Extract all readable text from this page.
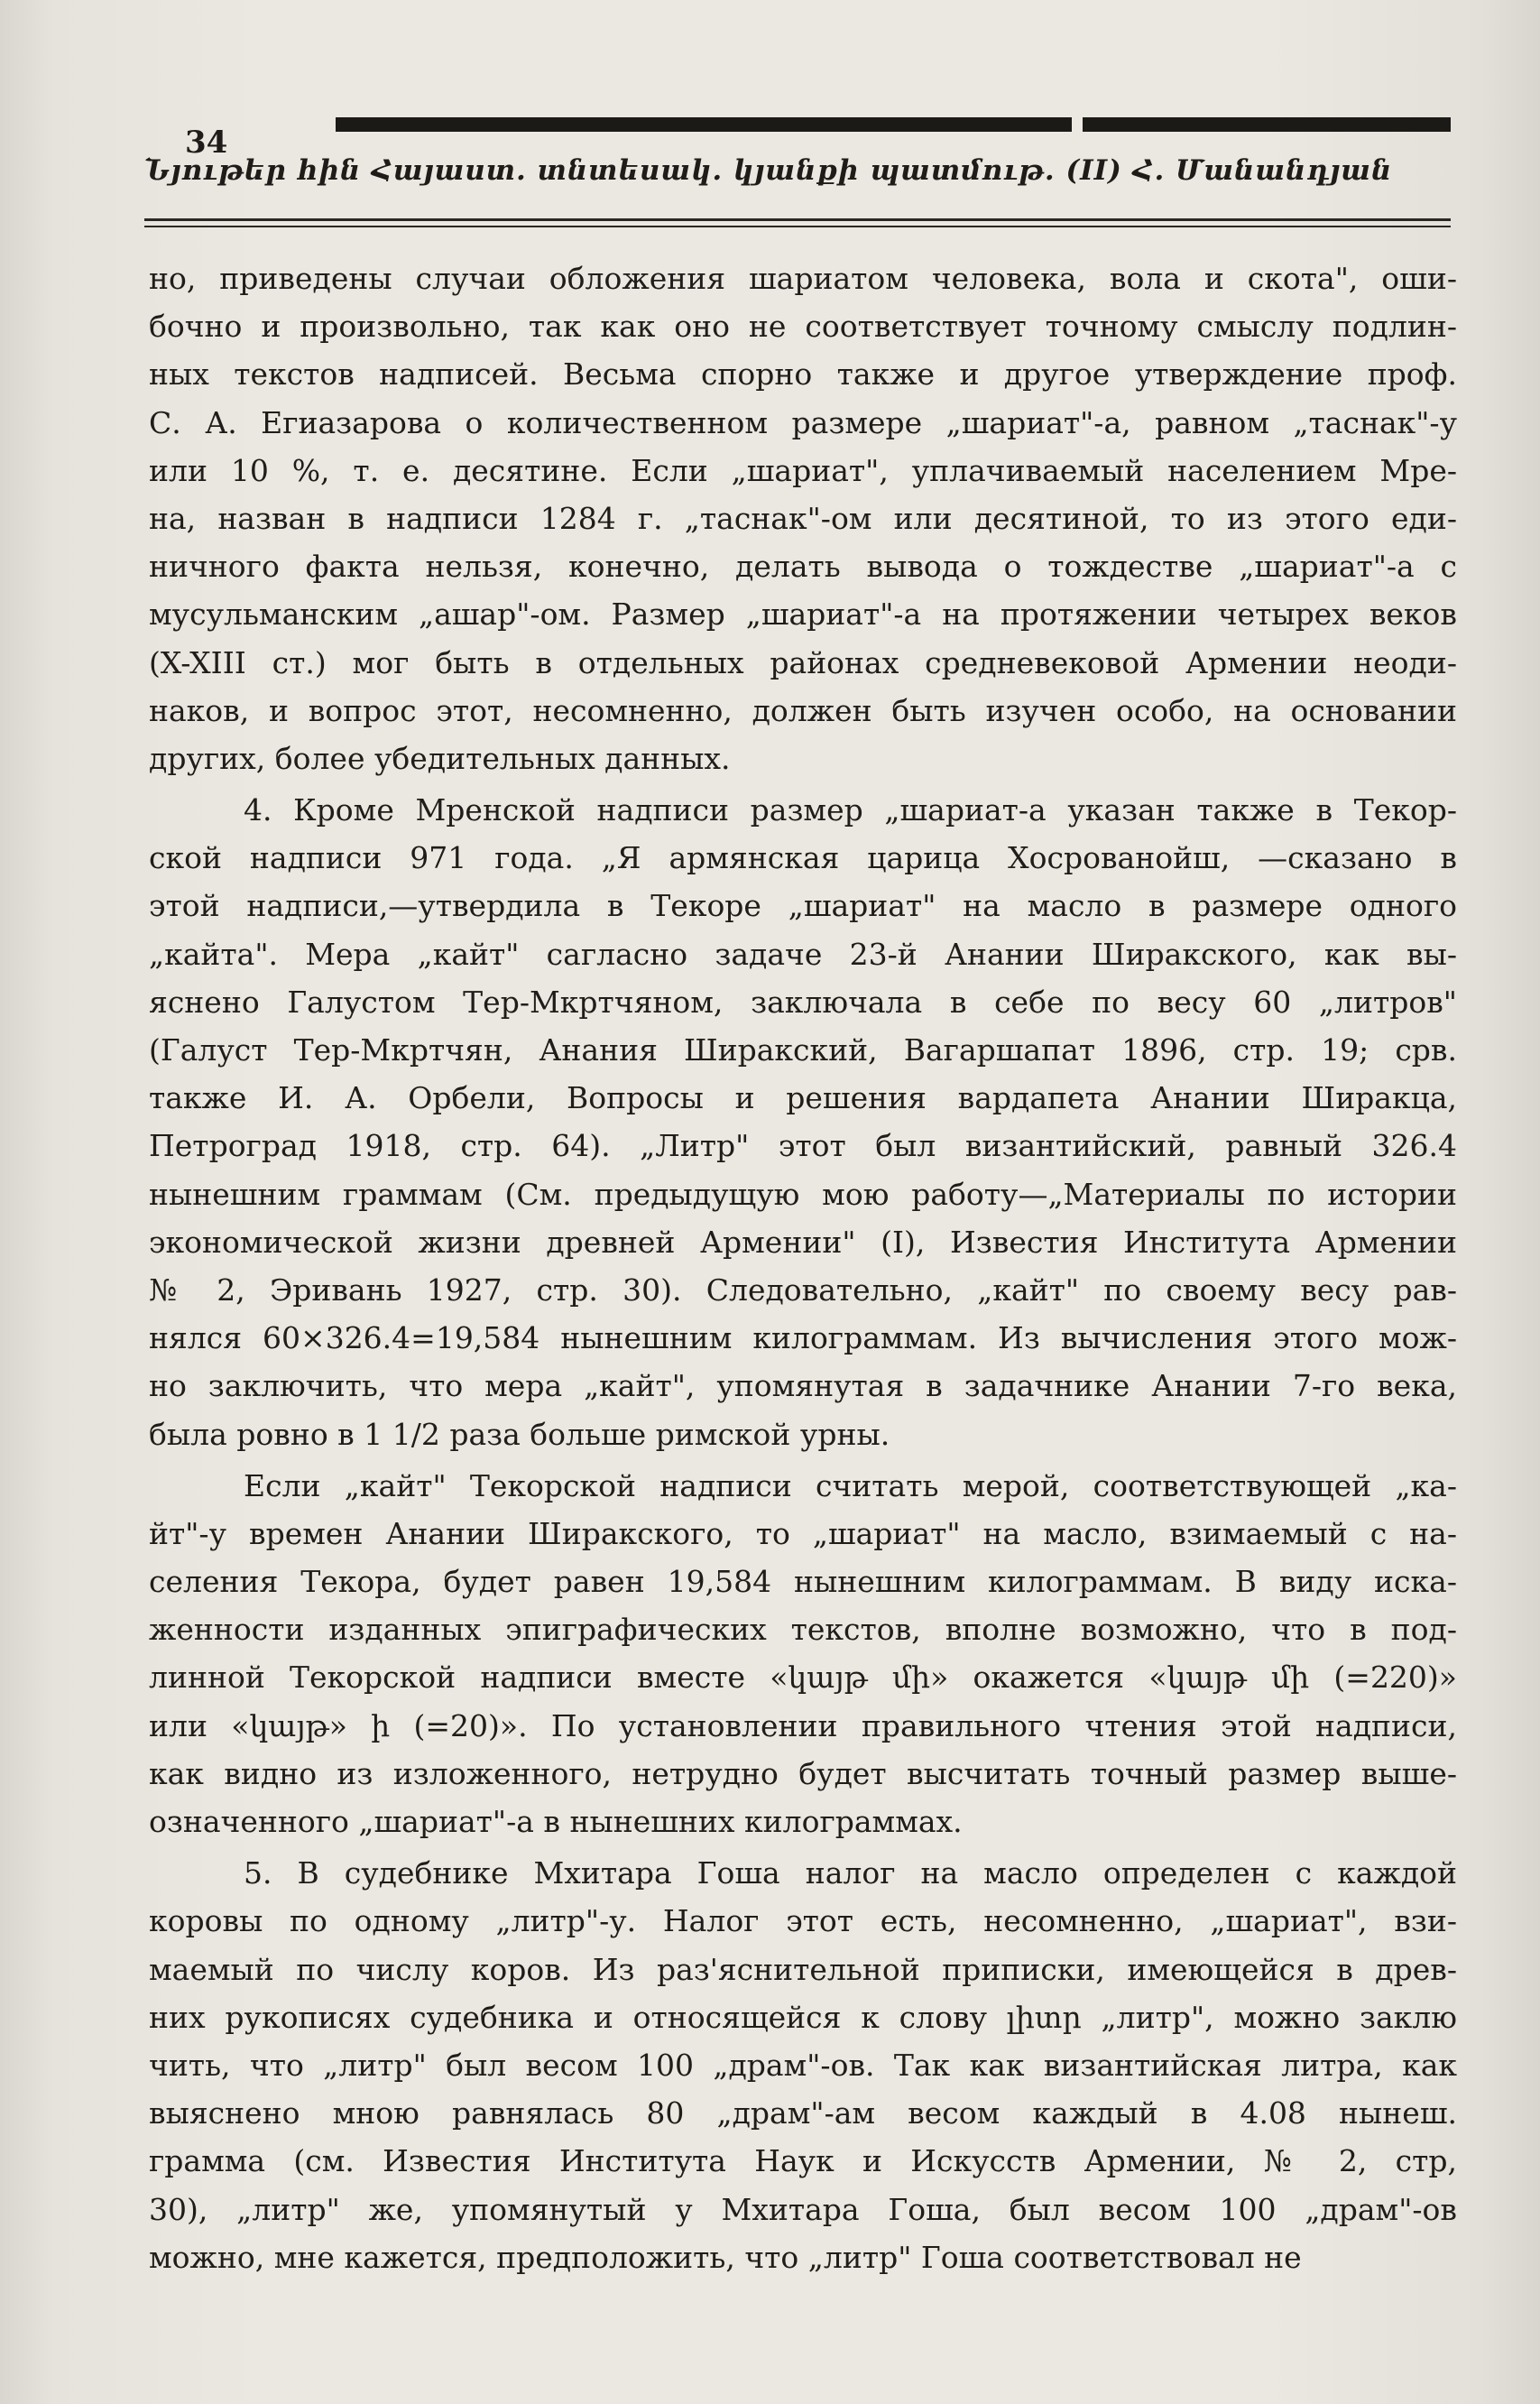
34
Նյութեր հին Հայաստ. տնտեսակ. կյանքի պատմութ. (II) Հ. Մանանդյան
но, приведены случаи обложения шариатом человека, вола и скота", оши-
бочно и произвольно, так как оно не соответствует точному смыслу подлин-
ных текстов надписей. Весьма спорно также и другое утверждение проф.
С. А. Егиазарова о количественном размере „шариат"-а, равном „таснак"-у
или 10 %, т. е. десятине. Если „шариат", уплачиваемый населением Мре-
на, назван в надписи 1284 г. „таснак"-ом или десятиной, то из этого еди-
ничного факта нельзя, конечно, делать вывода о тождестве „шариат"-а с
мусульманским „ашар"-ом. Размер „шариат"-а на протяжении четырех веков
(X-XIII ст.) мог быть в отдельных районах средневековой Армении неоди-
наков, и вопрос этот, несомненно, должен быть изучен особо, на основании
других, более убедительных данных.
4. Кроме Мренской надписи размер „шариат-а указан также в Текор-
ской надписи 971 года. „Я армянская царица Хосрованойш, —сказано в
этой надписи,—утвердила в Текоре „шариат" на масло в размере одного
„кайта". Мера „кайт" сагласно задаче 23-й Анании Ширакского, как вы-
яснено Галустом Тер-Мкртчяном, заключала в себе по весу 60 „литров"
(Галуст Тер-Мкртчян, Анания Ширакский, Вагаршапат 1896, стр. 19; срв.
также И. А. Орбели, Вопросы и решения вардапета Анании Ширакца,
Петроград 1918, стр. 64). „Литр" этот был византийский, равный 326.4
нынешним граммам (См. предыдущую мою работу—„Материалы по истории
экономической жизни древней Армении" (I), Известия Института Армении
№ 2, Эривань 1927, стр. 30). Следовательно, „кайт" по своему весу рав-
нялся 60×326.4=19,584 нынешним килограммам. Из вычисления этого мож-
но заключить, что мера „кайт", упомянутая в задачнике Анании 7-го века,
была ровно в 1 1/2 раза больше римской урны.
Если „кайт" Текорской надписи считать мерой, соответствующей „ка-
йт"-у времен Анании Ширакского, то „шариат" на масло, взимаемый с на-
селения Текора, будет равен 19,584 нынешним килограммам. В виду иска-
женности изданных эпиграфических текстов, вполне возможно, что в под-
линной Текорской надписи вместе «կայթ մի» окажется «կայթ մի (=220)»
или «կայթ» ի (=20)». По установлении правильного чтения этой надписи,
как видно из изложенного, нетрудно будет высчитать точный размер выше-
означенного „шариат"-а в нынешних килограммах.
5. В судебнике Мхитара Гоша налог на масло определен с каждой
коровы по одному „литр"-у. Налог этот есть, несомненно, „шариат", взи-
маемый по числу коров. Из раз'яснительной приписки, имеющейся в древ-
них рукописях судебника и относящейся к слову լիտր „литр", можно заклю
чить, что „литр" был весом 100 „драм"-ов. Так как византийская литра, как
выяснено мною равнялась 80 „драм"-ам весом каждый в 4.08 нынеш.
грамма (см. Известия Института Наук и Искусств Армении, № 2, стр,
30), „литр" же, упомянутый у Мхитара Гоша, был весом 100 „драм"-ов
можно, мне кажется, предположить, что „литр" Гоша соответствовал не
